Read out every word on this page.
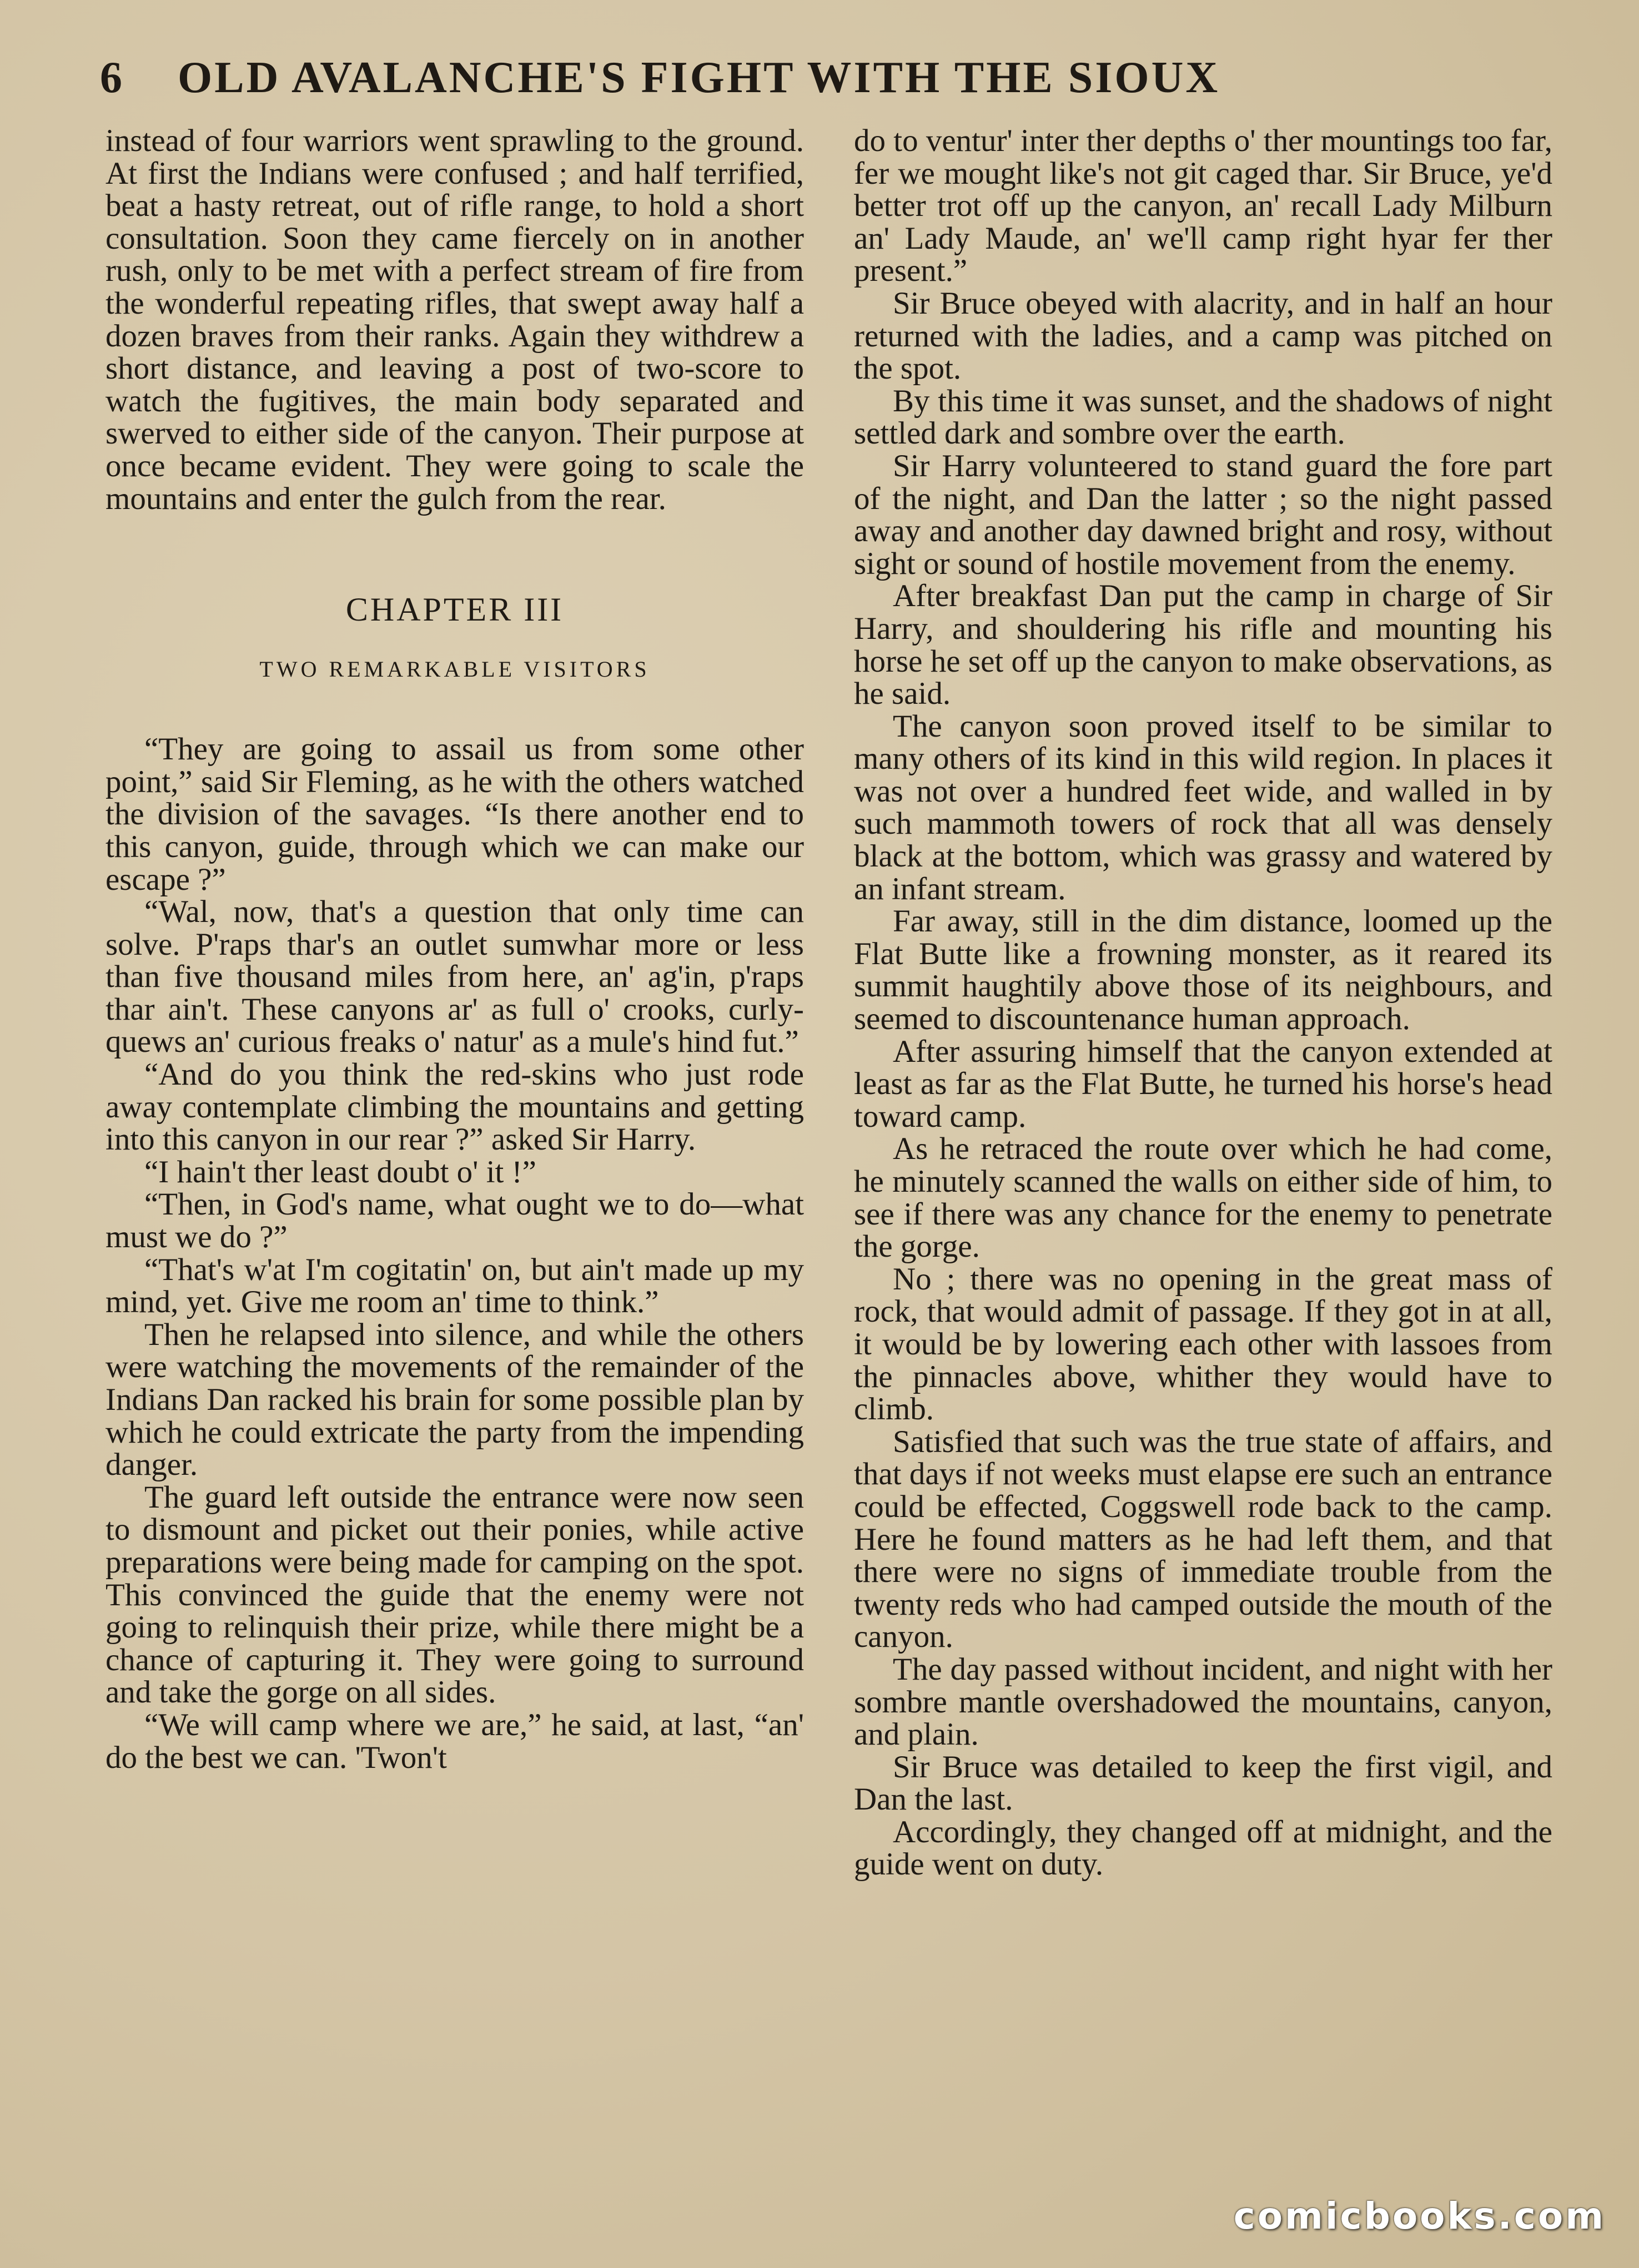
6 OLD AVALANCHE'S FIGHT WITH THE SIOUX

instead of four warriors went sprawling to the ground. At first the Indians were confused ; and half terrified, beat a hasty retreat, out of rifle range, to hold a short consultation. Soon they came fiercely on in another rush, only to be met with a perfect stream of fire from the wonderful repeating rifles, that swept away half a dozen braves from their ranks. Again they withdrew a short distance, and leaving a post of two-score to watch the fugitives, the main body separated and swerved to either side of the canyon. Their purpose at once became evident. They were going to scale the mountains and enter the gulch from the rear.

CHAPTER III
TWO REMARKABLE VISITORS

“They are going to assail us from some other point,” said Sir Fleming, as he with the others watched the division of the savages. “Is there another end to this canyon, guide, through which we can make our escape ?”

“Wal, now, that's a question that only time can solve. P'raps thar's an outlet sumwhar more or less than five thousand miles from here, an' ag'in, p'raps thar ain't. These canyons ar' as full o' crooks, curly-quews an' curious freaks o' natur' as a mule's hind fut.”

“And do you think the red-skins who just rode away contemplate climbing the mountains and getting into this canyon in our rear ?” asked Sir Harry.

“I hain't ther least doubt o' it !”

“Then, in God's name, what ought we to do—what must we do ?”

“That's w'at I'm cogitatin' on, but ain't made up my mind, yet. Give me room an' time to think.”

Then he relapsed into silence, and while the others were watching the movements of the remainder of the Indians Dan racked his brain for some possible plan by which he could extricate the party from the impending danger.

The guard left outside the entrance were now seen to dismount and picket out their ponies, while active preparations were being made for camping on the spot. This convinced the guide that the enemy were not going to relinquish their prize, while there might be a chance of capturing it. They were going to surround and take the gorge on all sides.

“We will camp where we are,” he said, at last, “an' do the best we can. 'Twon't

do to ventur' inter ther depths o' ther mountings too far, fer we mought like's not git caged thar. Sir Bruce, ye'd better trot off up the canyon, an' recall Lady Milburn an' Lady Maude, an' we'll camp right hyar fer ther present.”

Sir Bruce obeyed with alacrity, and in half an hour returned with the ladies, and a camp was pitched on the spot.

By this time it was sunset, and the shadows of night settled dark and sombre over the earth.

Sir Harry volunteered to stand guard the fore part of the night, and Dan the latter ; so the night passed away and another day dawned bright and rosy, without sight or sound of hostile movement from the enemy.

After breakfast Dan put the camp in charge of Sir Harry, and shouldering his rifle and mounting his horse he set off up the canyon to make observations, as he said.

The canyon soon proved itself to be similar to many others of its kind in this wild region. In places it was not over a hundred feet wide, and walled in by such mammoth towers of rock that all was densely black at the bottom, which was grassy and watered by an infant stream.

Far away, still in the dim distance, loomed up the Flat Butte like a frowning monster, as it reared its summit haughtily above those of its neighbours, and seemed to discountenance human approach.

After assuring himself that the canyon extended at least as far as the Flat Butte, he turned his horse's head toward camp.

As he retraced the route over which he had come, he minutely scanned the walls on either side of him, to see if there was any chance for the enemy to penetrate the gorge.

No ; there was no opening in the great mass of rock, that would admit of passage. If they got in at all, it would be by lowering each other with lassoes from the pinnacles above, whither they would have to climb.

Satisfied that such was the true state of affairs, and that days if not weeks must elapse ere such an entrance could be effected, Coggswell rode back to the camp. Here he found matters as he had left them, and that there were no signs of immediate trouble from the twenty reds who had camped outside the mouth of the canyon.

The day passed without incident, and night with her sombre mantle overshadowed the mountains, canyon, and plain.

Sir Bruce was detailed to keep the first vigil, and Dan the last.

Accordingly, they changed off at midnight, and the guide went on duty.

comicbooks.com
